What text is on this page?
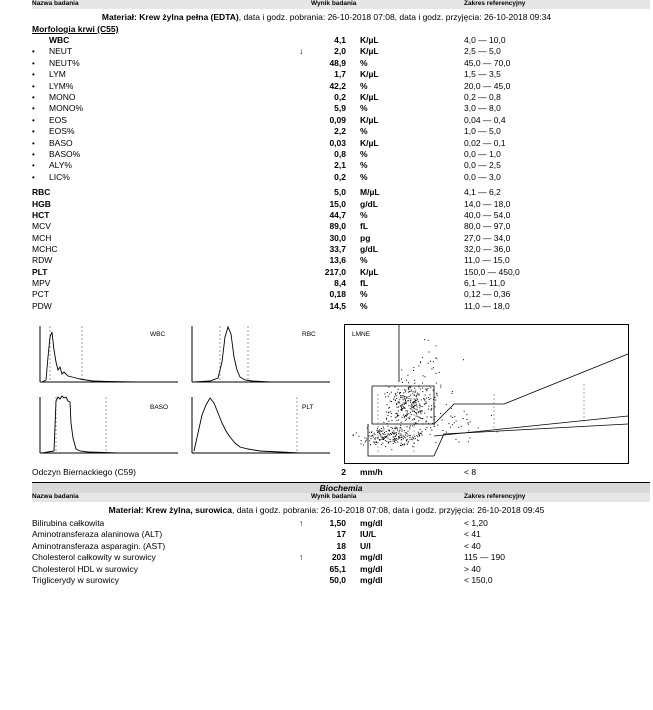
Nazwa badania	Wynik badania	Zakres referencyjny
Materiał: Krew żylna pełna (EDTA), data i godz. pobrania: 26-10-2018 07:08, data i godz. przyjęcia: 26-10-2018 09:34
Morfologia krwi (C55)
WBC	4,1 K/µL	4,0 — 10,0
• NEUT	↓	2,0 K/µL	2,5 — 5,0
• NEUT%	48,9 %	45,0 — 70,0
• LYM	1,7 K/µL	1,5 — 3,5
• LYM%	42,2 %	20,0 — 45,0
• MONO	0,2 K/µL	0,2 — 0,8
• MONO%	5,9 %	3,0 — 8,0
• EOS	0,09 K/µL	0,04 — 0,4
• EOS%	2,2 %	1,0 — 5,0
• BASO	0,03 K/µL	0,02 — 0,1
• BASO%	0,8 %	0,0 — 1,0
• ALY%	2,1 %	0,0 — 2,5
• LIC%	0,2 %	0,0 — 3,0
RBC	5,0 M/µL	4,1 — 6,2
HGB	15,0 g/dL	14,0 — 18,0
HCT	44,7 %	40,0 — 54,0
MCV	89,0 fL	80,0 — 97,0
MCH	30,0 pg	27,0 — 34,0
MCHC	33,7 g/dL	32,0 — 36,0
RDW	13,6 %	11,0 — 15,0
PLT	217,0 K/µL	150,0 — 450,0
MPV	8,4 fL	6,1 — 11,0
PCT	0,18 %	0,12 — 0,36
PDW	14,5 %	11,0 — 18,0
WBC	RBC
BASO	PLT
LMNE
Odczyn Biernackiego (C59)	2 mm/h	< 8
Biochemia
Nazwa badania	Wynik badania	Zakres referencyjny
Materiał: Krew żylna, surowica, data i godz. pobrania: 26-10-2018 07:08, data i godz. przyjęcia: 26-10-2018 09:45
Bilirubina całkowita	↑	1,50 mg/dl	< 1,20
Aminotransferaza alaninowa (ALT)	17 IU/L	< 41
Aminotransferaza asparagin. (AST)	18 U/l	< 40
Cholesterol całkowity w surowicy	↑	203 mg/dl	115 — 190
Cholesterol HDL w surowicy	65,1 mg/dl	> 40
Triglicerydy w surowicy	50,0 mg/dl	< 150,0
